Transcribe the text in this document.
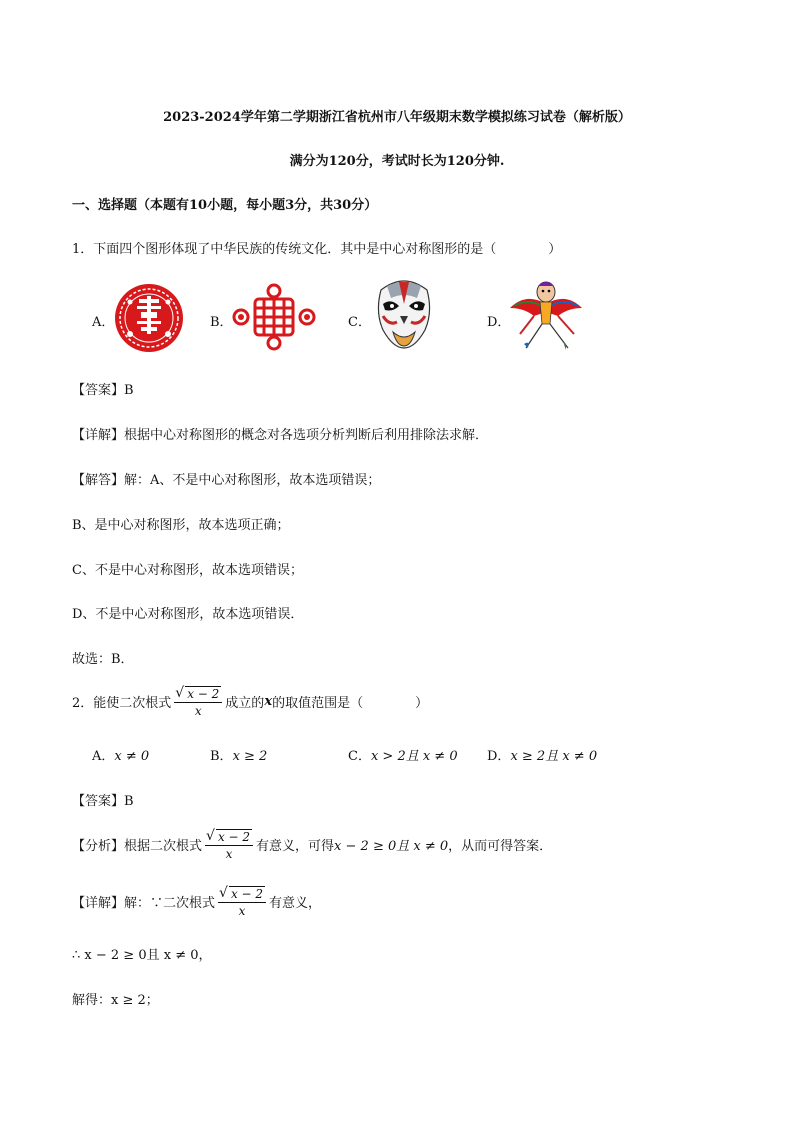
2023-2024学年第二学期浙江省杭州市八年级期末数学模拟练习试卷（解析版）
满分为120分，考试时长为120分钟.
一、选择题（本题有10小题，每小题3分，共30分）
1．下面四个图形体现了中华民族的传统文化．其中是中心对称图形的是（　　　　）
A．	B．	C．	D．
【答案】B
【详解】根据中心对称图形的概念对各选项分析判断后利用排除法求解．
【解答】解：A、不是中心对称图形，故本选项错误；
B、是中心对称图形，故本选项正确；
C、不是中心对称图形，故本选项错误；
D、不是中心对称图形，故本选项错误．
故选：B．
2．能使二次根式 $\frac{√ x - 2}{x}$ 成立的 x 的取值范围是（　　　　）
A．x ≠ 0	B．x ≥ 2	C．x > 2且 x ≠ 0 D．x ≥ 2且 x ≠ 0
【答案】B
【分析】根据二次根式 $\frac{√ x - 2}{x}$ 有意义，可得 x − 2 ≥ 0且 x ≠ 0 ，从而可得答案．
【详解】解：∵二次根式 $\frac{√ x - 2}{x}$ 有意义，
∴ x − 2 ≥ 0且 x ≠ 0，
解得：x ≥ 2；
